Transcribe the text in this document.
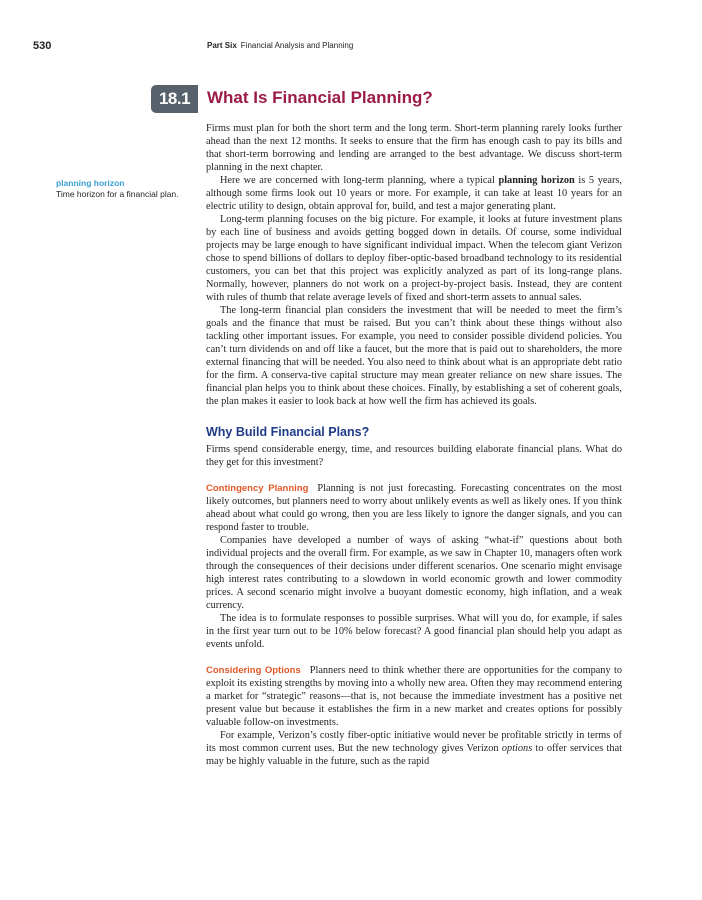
530	Part Six Financial Analysis and Planning
18.1 What Is Financial Planning?
planning horizon
Time horizon for a financial plan.

Firms must plan for both the short term and the long term. Short-term planning rarely looks further ahead than the next 12 months. It seeks to ensure that the firm has enough cash to pay its bills and that short-term borrowing and lending are arranged to the best advantage. We discuss short-term planning in the next chapter.

Here we are concerned with long-term planning, where a typical planning horizon is 5 years, although some firms look out 10 years or more. For example, it can take at least 10 years for an electric utility to design, obtain approval for, build, and test a major generating plant.

Long-term planning focuses on the big picture. For example, it looks at future investment plans by each line of business and avoids getting bogged down in details. Of course, some individual projects may be large enough to have significant individual impact. When the telecom giant Verizon chose to spend billions of dollars to deploy fiber-optic-based broadband technology to its residential customers, you can bet that this project was explicitly analyzed as part of its long-range plans. Normally, however, planners do not work on a project-by-project basis. Instead, they are content with rules of thumb that relate average levels of fixed and short-term assets to annual sales.

The long-term financial plan considers the investment that will be needed to meet the firm’s goals and the finance that must be raised. But you can’t think about these things without also tackling other important issues. For example, you need to consider possible dividend policies. You can’t turn dividends on and off like a faucet, but the more that is paid out to shareholders, the more external financing that will be needed. You also need to think about what is an appropriate debt ratio for the firm. A conserva-tive capital structure may mean greater reliance on new share issues. The financial plan helps you to think about these choices. Finally, by establishing a set of coherent goals, the plan makes it easier to look back at how well the firm has achieved its goals.

Why Build Financial Plans?

Firms spend considerable energy, time, and resources building elaborate financial plans. What do they get for this investment?

Contingency Planning Planning is not just forecasting. Forecasting concentrates on the most likely outcomes, but planners need to worry about unlikely events as well as likely ones. If you think ahead about what could go wrong, then you are less likely to ignore the danger signals, and you can respond faster to trouble.

Companies have developed a number of ways of asking “what-if” questions about both individual projects and the overall firm. For example, as we saw in Chapter 10, managers often work through the consequences of their decisions under different scenarios. One scenario might envisage high interest rates contributing to a slowdown in world economic growth and lower commodity prices. A second scenario might involve a buoyant domestic economy, high inflation, and a weak currency.

The idea is to formulate responses to possible surprises. What will you do, for example, if sales in the first year turn out to be 10% below forecast? A good financial plan should help you adapt as events unfold.

Considering Options Planners need to think whether there are opportunities for the company to exploit its existing strengths by moving into a wholly new area. Often they may recommend entering a market for “strategic” reasons—that is, not because the immediate investment has a positive net present value but because it establishes the firm in a new market and creates options for possibly valuable follow-on investments.

For example, Verizon’s costly fiber-optic initiative would never be profitable strictly in terms of its most common current uses. But the new technology gives Verizon options to offer services that may be highly valuable in the future, such as the rapid
